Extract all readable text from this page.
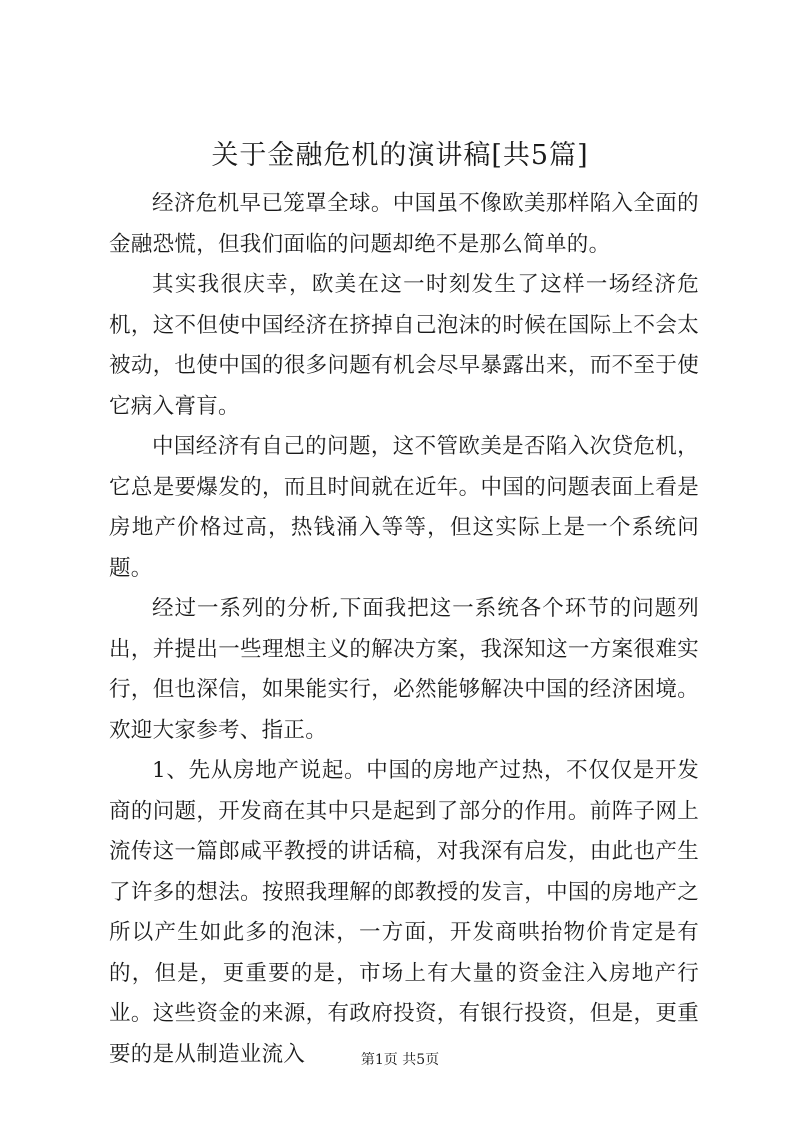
关于金融危机的演讲稿[共5篇]

经济危机早已笼罩全球。中国虽不像欧美那样陷入全面的金融恐慌，但我们面临的问题却绝不是那么简单的。

其实我很庆幸，欧美在这一时刻发生了这样一场经济危机，这不但使中国经济在挤掉自己泡沫的时候在国际上不会太被动，也使中国的很多问题有机会尽早暴露出来，而不至于使它病入膏肓。

中国经济有自己的问题，这不管欧美是否陷入次贷危机，它总是要爆发的，而且时间就在近年。中国的问题表面上看是房地产价格过高，热钱涌入等等，但这实际上是一个系统问题。

经过一系列的分析,下面我把这一系统各个环节的问题列出，并提出一些理想主义的解决方案，我深知这一方案很难实行，但也深信，如果能实行，必然能够解决中国的经济困境。欢迎大家参考、指正。

1、先从房地产说起。中国的房地产过热，不仅仅是开发商的问题，开发商在其中只是起到了部分的作用。前阵子网上流传这一篇郎咸平教授的讲话稿，对我深有启发，由此也产生了许多的想法。按照我理解的郎教授的发言，中国的房地产之所以产生如此多的泡沫，一方面，开发商哄抬物价肯定是有的，但是，更重要的是，市场上有大量的资金注入房地产行业。这些资金的来源，有政府投资，有银行投资，但是，更重要的是从制造业流入	第1页 共5页
